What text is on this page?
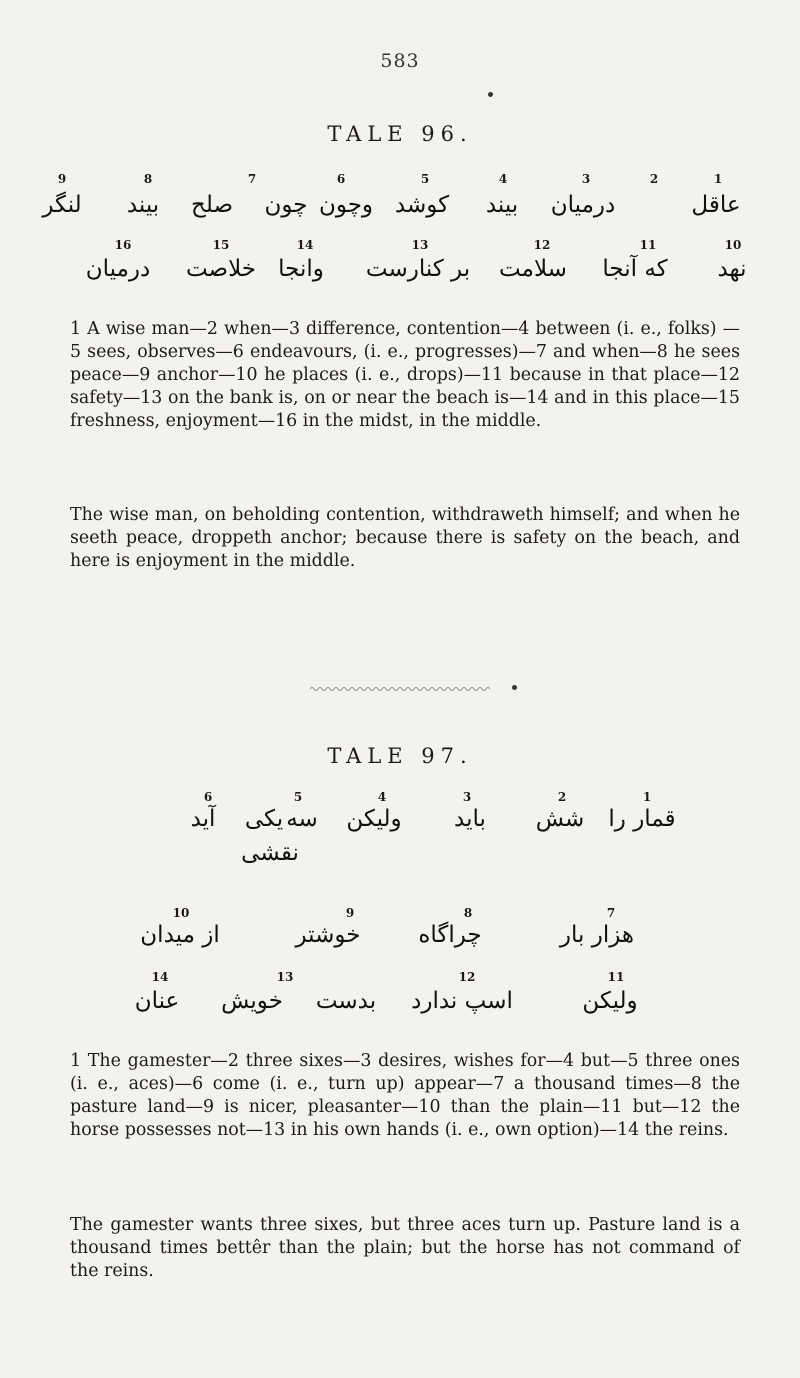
583
TALE 96.
9	8	7	6	5	4	3	2	1
لنگر بیند صلح چون وچون کوشد بیند درمیان	عاقل
16	15	14	13	12	11	10
درمیان خلاصت وانجا بر کنارست سلامت که آنجا نهد
1 A wise man—2 when—3 difference, contention—4 between (i. e., folks) —5 sees, observes—6 endeavours, (i. e., progresses)—7 and when—8 he sees peace—9 anchor—10 he places (i. e., drops)—11 because in that place—12 safety—13 on the bank is, on or near the beach is—14 and in this place—15 freshness, enjoyment—16 in the midst, in the middle.
The wise man, on beholding contention, withdraweth himself; and when he seeth peace, droppeth anchor; because there is safety on the beach, and here is enjoyment in the middle.
TALE 97.
6	5	4	3	2	1
آید یکی سه ولیکن باید شش قمار را
نقشی
10	9	8	7
از میدان	خوشتر	چراگاه	هزار بار
14	13	12	11
عنان خویش بدست اسپ ندارد	ولیکن
1 The gamester—2 three sixes—3 desires, wishes for—4 but—5 three ones (i. e., aces)—6 come (i. e., turn up) appear—7 a thousand times—8 the pasture land—9 is nicer, pleasanter—10 than the plain—11 but—12 the horse possesses not—13 in his own hands (i. e., own option)—14 the reins.
The gamester wants three sixes, but three aces turn up. Pasture land is a thousand times bettêr than the plain; but the horse has not command of the reins.
